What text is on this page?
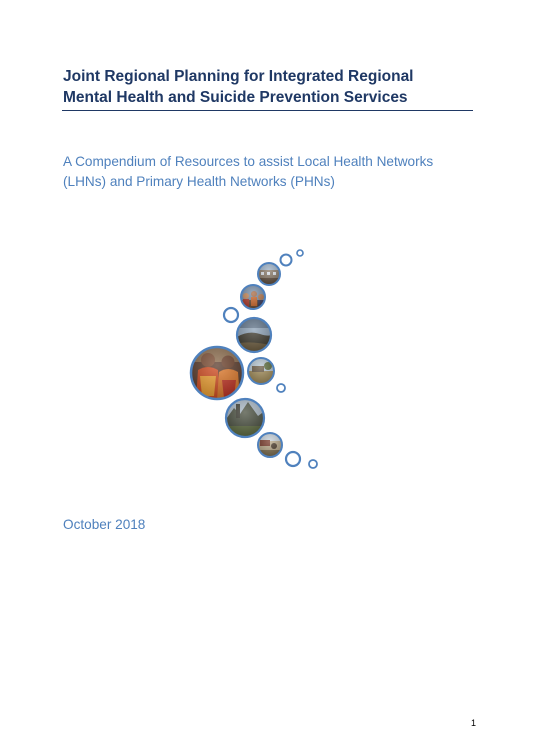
Joint Regional Planning for Integrated Regional
Mental Health and Suicide Prevention Services
A Compendium of Resources to assist Local Health Networks
(LHNs) and Primary Health Networks (PHNs)
October 2018
1
